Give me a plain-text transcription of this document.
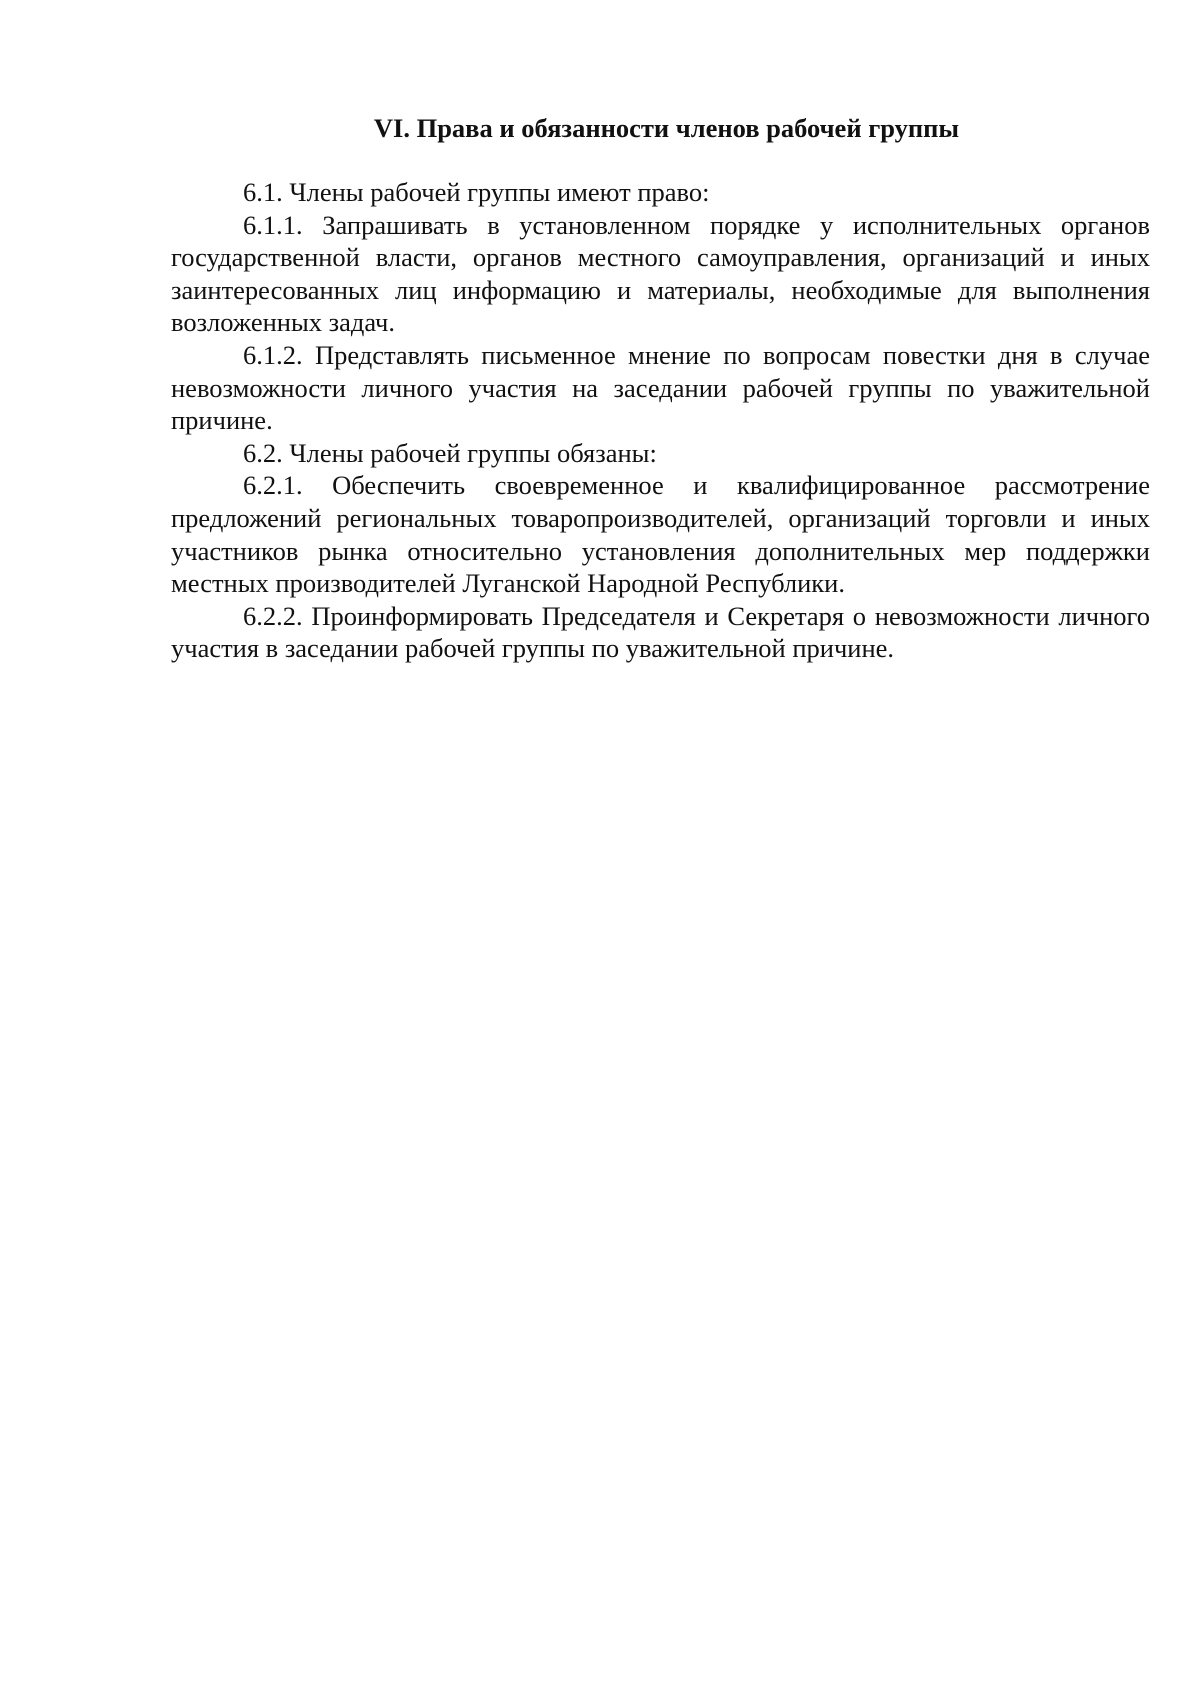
VI. Права и обязанности членов рабочей группы

6.1. Члены рабочей группы имеют право:

6.1.1. Запрашивать в установленном порядке у исполнительных органов государственной власти, органов местного самоуправления, организаций и иных заинтересованных лиц информацию и материалы, необходимые для выполнения возложенных задач.

6.1.2. Представлять письменное мнение по вопросам повестки дня в случае невозможности личного участия на заседании рабочей группы по уважительной причине.

6.2. Члены рабочей группы обязаны:

6.2.1. Обеспечить своевременное и квалифицированное рассмотрение предложений региональных товаропроизводителей, организаций торговли и иных участников рынка относительно установления дополнительных мер поддержки местных производителей Луганской Народной Республики.

6.2.2. Проинформировать Председателя и Секретаря о невозможности личного участия в заседании рабочей группы по уважительной причине.
